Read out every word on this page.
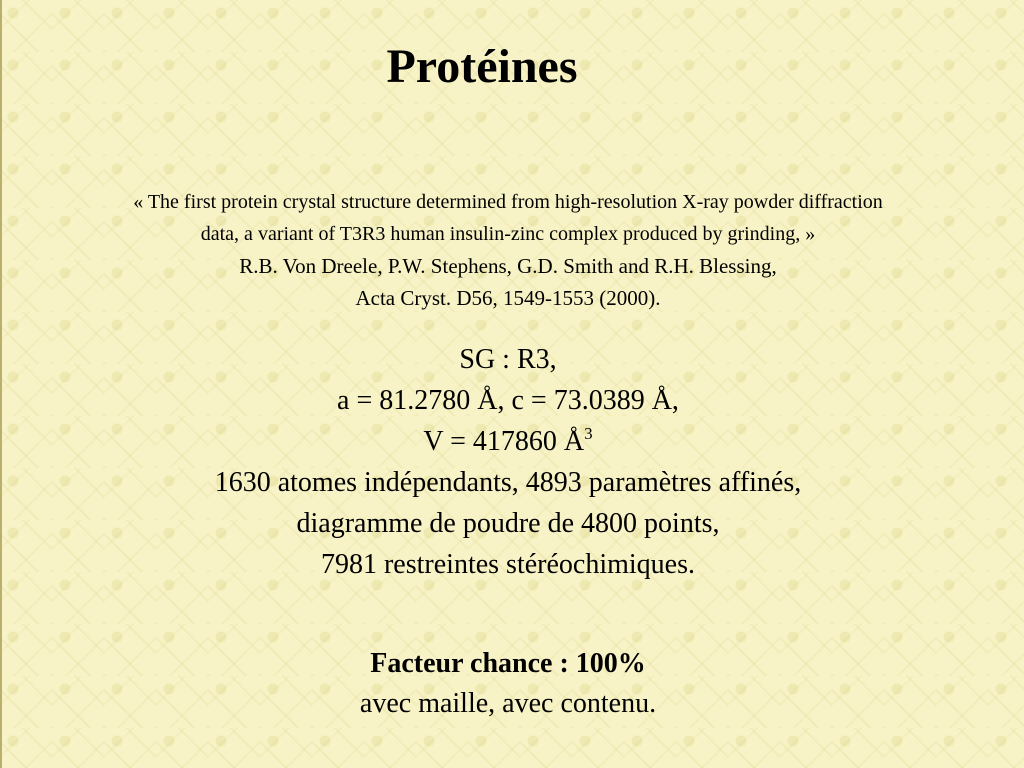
Protéines
« The first protein crystal structure determined from high-resolution X-ray powder diffraction
data, a variant of T3R3 human insulin-zinc complex produced by grinding, »
R.B. Von Dreele, P.W. Stephens, G.D. Smith and R.H. Blessing,
Acta Cryst. D56, 1549-1553 (2000).
SG : R3,
a = 81.2780 Å, c = 73.0389 Å,
V = 417860 $Å^3$
1630 atomes indépendants, 4893 paramètres affinés,
diagramme de poudre de 4800 points,
7981 restreintes stéréochimiques.
Facteur chance : 100%
avec maille, avec contenu.
